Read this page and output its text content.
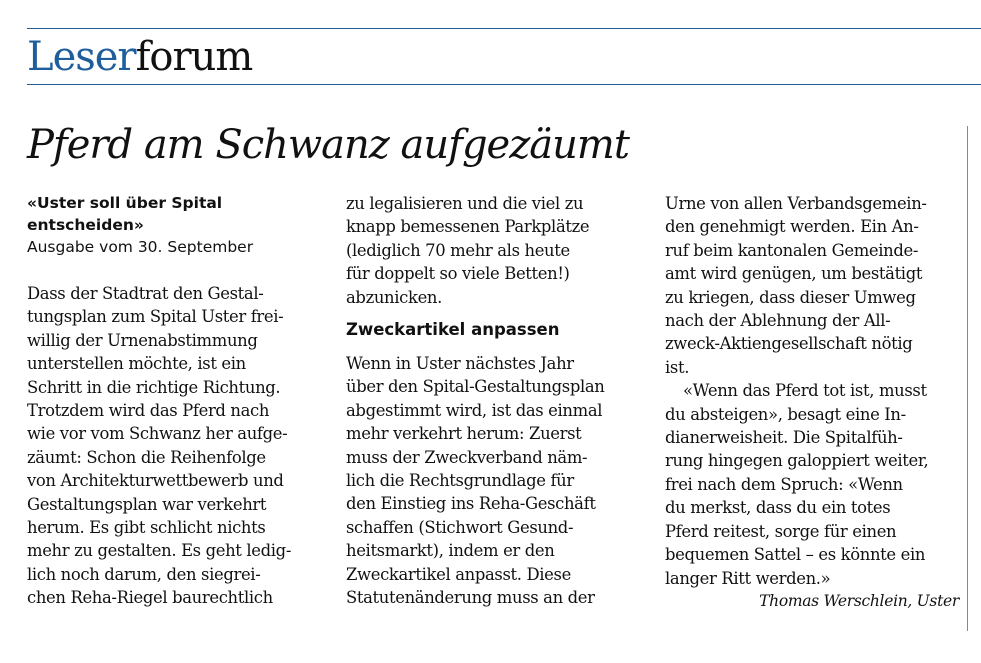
Leserforum
Pferd am Schwanz aufgezäumt

«Uster soll über Spital

entscheiden»

Ausgabe vom 30. September

Dass der Stadtrat den Gestal-
tungsplan zum Spital Uster frei-
willig der Urnenabstimmung
unterstellen möchte, ist ein
Schritt in die richtige Richtung.
Trotzdem wird das Pferd nach
wie vor vom Schwanz her aufge-
zäumt: Schon die Reihenfolge
von Architekturwettbewerb und
Gestaltungsplan war verkehrt
herum. Es gibt schlicht nichts
mehr zu gestalten. Es geht ledig-
lich noch darum, den siegrei-
chen Reha-Riegel baurechtlich
zu legalisieren und die viel zu
knapp bemessenen Parkplätze
(lediglich 70 mehr als heute
für doppelt so viele Betten!)
abzunicken.

Zweckartikel anpassen

Wenn in Uster nächstes Jahr
über den Spital-Gestaltungsplan
abgestimmt wird, ist das einmal
mehr verkehrt herum: Zuerst
muss der Zweckverband näm-
lich die Rechtsgrundlage für
den Einstieg ins Reha-Geschäft
schaffen (Stichwort Gesund-
heitsmarkt), indem er den
Zweckartikel anpasst. Diese
Statutenänderung muss an der
Urne von allen Verbandsgemein-
den genehmigt werden. Ein An-
ruf beim kantonalen Gemeinde-
amt wird genügen, um bestätigt
zu kriegen, dass dieser Umweg
nach der Ablehnung der All-
zweck-Aktiengesellschaft nötig
ist.
«Wenn das Pferd tot ist, musst
du absteigen», besagt eine In-
dianerweisheit. Die Spitalfüh-
rung hingegen galoppiert weiter,
frei nach dem Spruch: «Wenn
du merkst, dass du ein totes
Pferd reitest, sorge für einen
bequemen Sattel – es könnte ein
langer Ritt werden.»
Thomas Werschlein, Uster
